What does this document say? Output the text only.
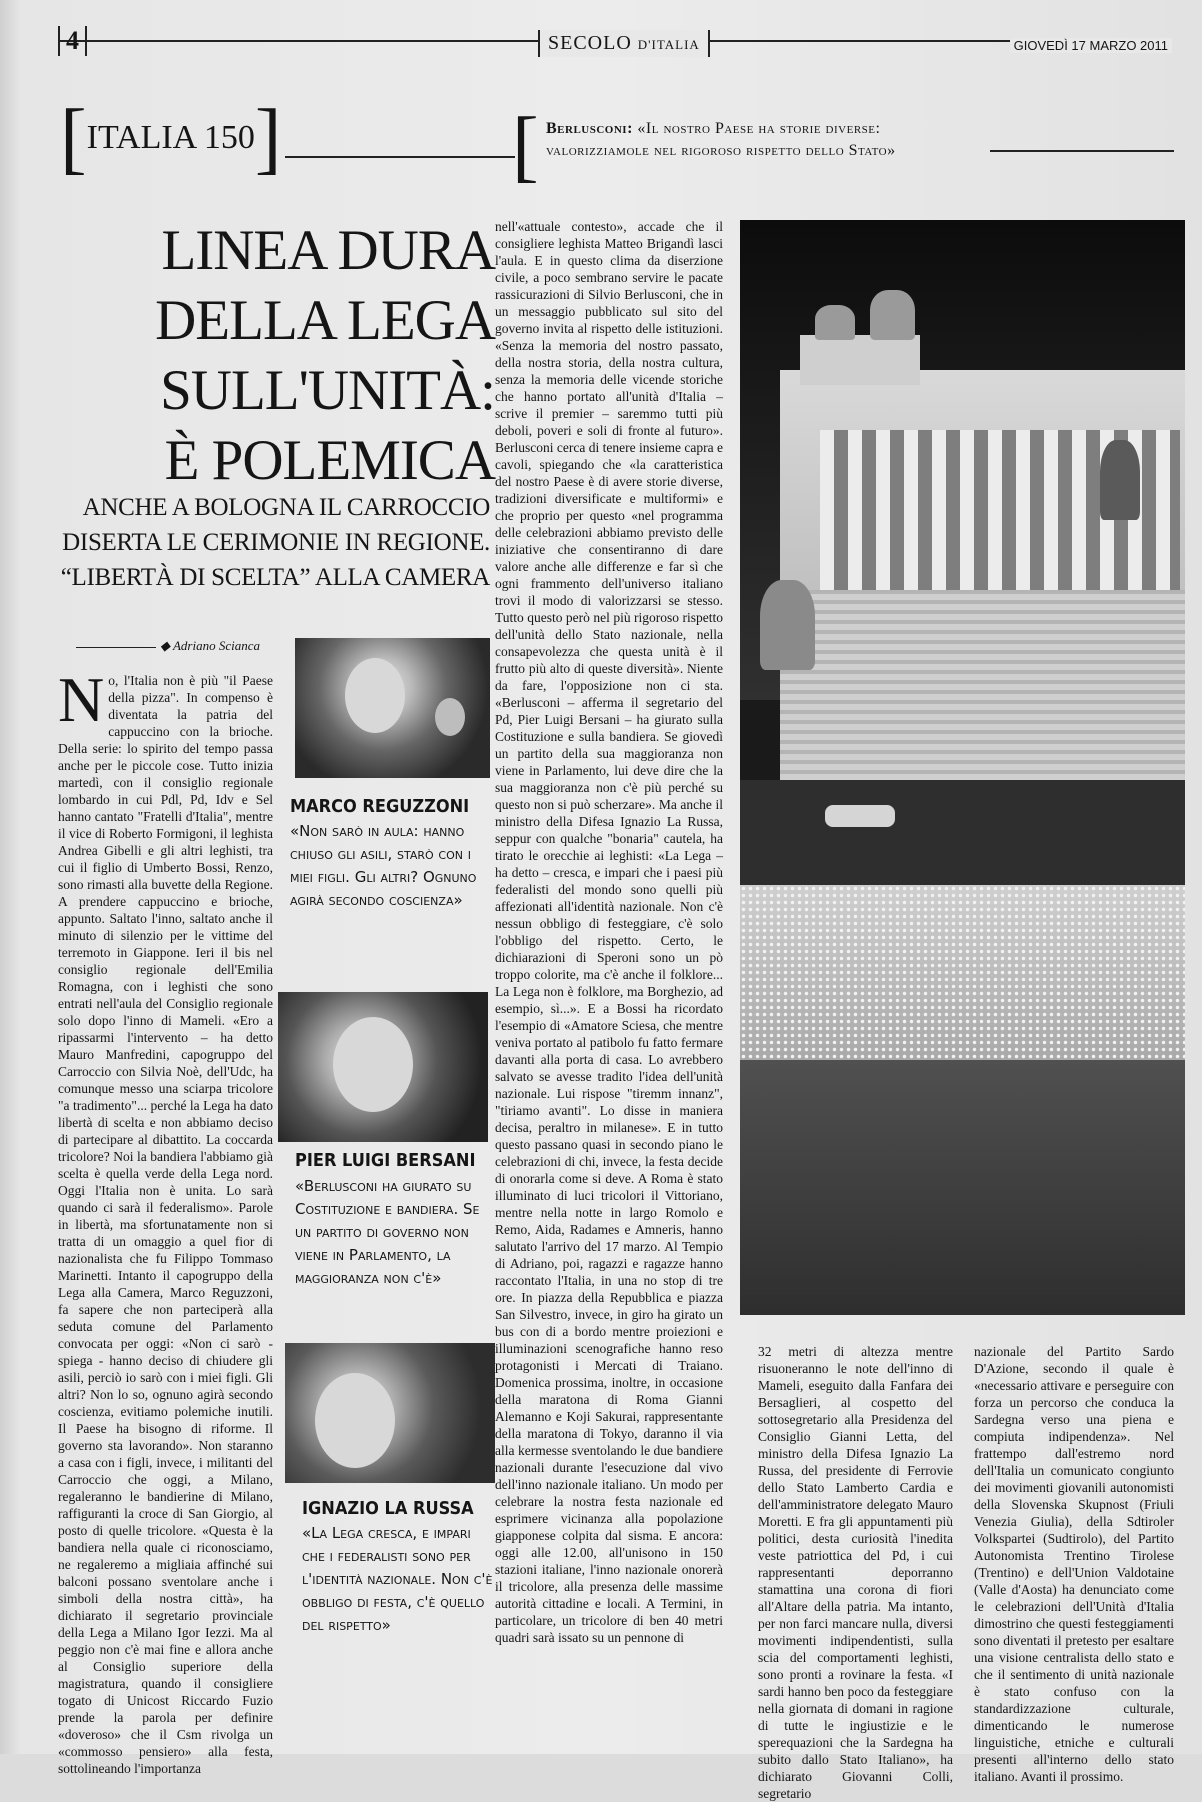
4	SECOLO D'ITALIA	GIOVEDÌ 17 MARZO 2011
[ ITALIA 150 ]	[ Berlusconi: «Il nostro Paese ha storie diverse:
valorizziamole nel rigoroso rispetto dello Stato»
LINEA DURA DELLA LEGA SULL'UNITÀ: È POLEMICA
ANCHE A BOLOGNA IL CARROCCIO DISERTA LE CERIMONIE IN REGIONE. “LIBERTÀ DI SCELTA” ALLA CAMERA
◆ Adriano Scianca
No, l'Italia non è più "il Paese della pizza". In compenso è diventata la patria del cappuccino con la brioche. Della serie: lo spirito del tempo passa anche per le piccole cose. Tutto inizia martedì, con il consiglio regionale lombardo in cui Pdl, Pd, Idv e Sel hanno cantato "Fratelli d'Italia", mentre il vice di Roberto Formigoni, il leghista Andrea Gibelli e gli altri leghisti, tra cui il figlio di Umberto Bossi, Renzo, sono rimasti alla buvette della Regione. A prendere cappuccino e brioche, appunto. Saltato l'inno, saltato anche il minuto di silenzio per le vittime del terremoto in Giappone. Ieri il bis nel consiglio regionale dell'Emilia Romagna, con i leghisti che sono entrati nell'aula del Consiglio regionale solo dopo l'inno di Mameli. «Ero a ripassarmi l'intervento – ha detto Mauro Manfredini, capogruppo del Carroccio con Silvia Noè, dell'Udc, ha comunque messo una sciarpa tricolore "a tradimento"... perché la Lega ha dato libertà di scelta e non abbiamo deciso di partecipare al dibattito. La coccarda tricolore? Noi la bandiera l'abbiamo già scelta è quella verde della Lega nord. Oggi l'Italia non è unita. Lo sarà quando ci sarà il federalismo». Parole in libertà, ma sfortunatamente non si tratta di un omaggio a quel fior di nazionalista che fu Filippo Tommaso Marinetti. Intanto il capogruppo della Lega alla Camera, Marco Reguzzoni, fa sapere che non parteciperà alla seduta comune del Parlamento convocata per oggi: «Non ci sarò - spiega - hanno deciso di chiudere gli asili, perciò io sarò con i miei figli. Gli altri? Non lo so, ognuno agirà secondo coscienza, evitiamo polemiche inutili. Il Paese ha bisogno di riforme. Il governo sta lavorando». Non staranno a casa con i figli, invece, i militanti del Carroccio che oggi, a Milano, regaleranno le bandierine di Milano, raffiguranti la croce di San Giorgio, al posto di quelle tricolore. «Questa è la bandiera nella quale ci riconosciamo, ne regaleremo a migliaia affinché sui balconi possano sventolare anche i simboli della nostra città», ha dichiarato il segretario provinciale della Lega a Milano Igor Iezzi. Ma al peggio non c'è mai fine e allora anche al Consiglio superiore della magistratura, quando il consigliere togato di Unicost Riccardo Fuzio prende la parola per definire «doveroso» che il Csm rivolga un «commosso pensiero» alla festa, sottolineando l'importanza
MARCO REGUZZONI
«Non sarò in aula: hanno chiuso gli asili, starò con i miei figli. Gli altri? Ognuno agirà secondo coscienza»
PIER LUIGI BERSANI
«Berlusconi ha giurato su Costituzione e bandiera. Se un partito di governo non viene in Parlamento, la maggioranza non c'è»
IGNAZIO LA RUSSA
«La Lega cresca, e impari che i federalisti sono per l'identità nazionale. Non c'è obbligo di festa, c'è quello del rispetto»
nell'«attuale contesto», accade che il consigliere leghista Matteo Brigandì lasci l'aula. E in questo clima da diserzione civile, a poco sembrano servire le pacate rassicurazioni di Silvio Berlusconi, che in un messaggio pubblicato sul sito del governo invita al rispetto delle istituzioni. «Senza la memoria del nostro passato, della nostra storia, della nostra cultura, senza la memoria delle vicende storiche che hanno portato all'unità d'Italia – scrive il premier – saremmo tutti più deboli, poveri e soli di fronte al futuro». Berlusconi cerca di tenere insieme capra e cavoli, spiegando che «la caratteristica del nostro Paese è di avere storie diverse, tradizioni diversificate e multiformi» e che proprio per questo «nel programma delle celebrazioni abbiamo previsto delle iniziative che consentiranno di dare valore anche alle differenze e far sì che ogni frammento dell'universo italiano trovi il modo di valorizzarsi se stesso. Tutto questo però nel più rigoroso rispetto dell'unità dello Stato nazionale, nella consapevolezza che questa unità è il frutto più alto di queste diversità». Niente da fare, l'opposizione non ci sta. «Berlusconi – afferma il segretario del Pd, Pier Luigi Bersani – ha giurato sulla Costituzione e sulla bandiera. Se giovedì un partito della sua maggioranza non viene in Parlamento, lui deve dire che la sua maggioranza non c'è più perché su questo non si può scherzare». Ma anche il ministro della Difesa Ignazio La Russa, seppur con qualche "bonaria" cautela, ha tirato le orecchie ai leghisti: «La Lega – ha detto – cresca, e impari che i paesi più federalisti del mondo sono quelli più affezionati all'identità nazionale. Non c'è nessun obbligo di festeggiare, c'è solo l'obbligo del rispetto. Certo, le dichiarazioni di Speroni sono un pò troppo colorite, ma c'è anche il folklore... La Lega non è folklore, ma Borghezio, ad esempio, sì...». E a Bossi ha ricordato l'esempio di «Amatore Sciesa, che mentre veniva portato al patibolo fu fatto fermare davanti alla porta di casa. Lo avrebbero salvato se avesse tradito l'idea dell'unità nazionale. Lui rispose "tiremm innanz", "tiriamo avanti". Lo disse in maniera decisa, peraltro in milanese». E in tutto questo passano quasi in secondo piano le celebrazioni di chi, invece, la festa decide di onorarla come si deve. A Roma è stato illuminato di luci tricolori il Vittoriano, mentre nella notte in largo Romolo e Remo, Aida, Radames e Amneris, hanno salutato l'arrivo del 17 marzo. Al Tempio di Adriano, poi, ragazzi e ragazze hanno raccontato l'Italia, in una no stop di tre ore. In piazza della Repubblica e piazza San Silvestro, invece, in giro ha girato un bus con di a bordo mentre proiezioni e illuminazioni scenografiche hanno reso protagonisti i Mercati di Traiano. Domenica prossima, inoltre, in occasione della maratona di Roma Gianni Alemanno e Koji Sakurai, rappresentante della maratona di Tokyo, daranno il via alla kermesse sventolando le due bandiere nazionali durante l'esecuzione dal vivo dell'inno nazionale italiano. Un modo per celebrare la nostra festa nazionale ed esprimere vicinanza alla popolazione giapponese colpita dal sisma. E ancora: oggi alle 12.00, all'unisono in 150 stazioni italiane, l'inno nazionale onorerà il tricolore, alla presenza delle massime autorità cittadine e locali. A Termini, in particolare, un tricolore di ben 40 metri quadri sarà issato su un pennone di
32 metri di altezza mentre risuoneranno le note dell'inno di Mameli, eseguito dalla Fanfara dei Bersaglieri, al cospetto del sottosegretario alla Presidenza del Consiglio Gianni Letta, del ministro della Difesa Ignazio La Russa, del presidente di Ferrovie dello Stato Lamberto Cardia e dell'amministratore delegato Mauro Moretti. E fra gli appuntamenti più politici, desta curiosità l'inedita veste patriottica del Pd, i cui rappresentanti deporranno stamattina una corona di fiori all'Altare della patria. Ma intanto, per non farci mancare nulla, diversi movimenti indipendentisti, sulla scia del comportamenti leghisti, sono pronti a rovinare la festa. «I sardi hanno ben poco da festeggiare nella giornata di domani in ragione di tutte le ingiustizie e le sperequazioni che la Sardegna ha subito dallo Stato Italiano», ha dichiarato Giovanni Colli, segretario
nazionale del Partito Sardo D'Azione, secondo il quale è «necessario attivare e perseguire con forza un percorso che conduca la Sardegna verso una piena e compiuta indipendenza». Nel frattempo dall'estremo nord dell'Italia un comunicato congiunto dei movimenti giovanili autonomisti della Slovenska Skupnost (Friuli Venezia Giulia), della Sdtiroler Volkspartei (Sudtirolo), del Partito Autonomista Trentino Tirolese (Trentino) e dell'Union Valdotaine (Valle d'Aosta) ha denunciato come le celebrazioni dell'Unità d'Italia dimostrino che questi festeggiamenti sono diventati il pretesto per esaltare una visione centralista dello stato e che il sentimento di unità nazionale è stato confuso con la standardizzazione culturale, dimenticando le numerose linguistiche, etniche e culturali presenti all'interno dello stato italiano. Avanti il prossimo.
